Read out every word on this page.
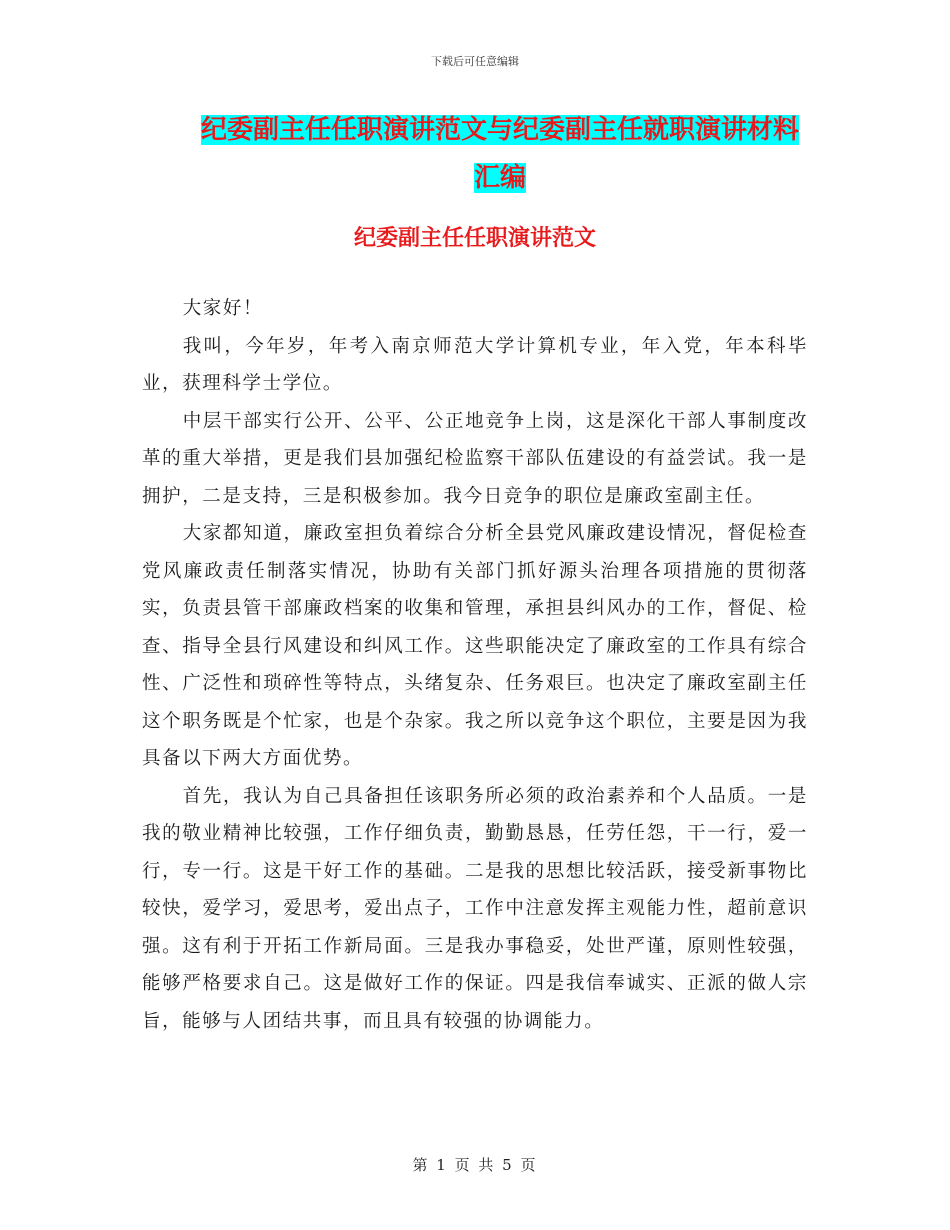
下载后可任意编辑
纪委副主任任职演讲范文与纪委副主任就职演讲材料
汇编
纪委副主任任职演讲范文

大家好！

我叫，今年岁，年考入南京师范大学计算机专业，年入党，年本科毕业，获理科学士学位。

中层干部实行公开、公平、公正地竞争上岗，这是深化干部人事制度改革的重大举措，更是我们县加强纪检监察干部队伍建设的有益尝试。我一是拥护，二是支持，三是积极参加。我今日竞争的职位是廉政室副主任。

大家都知道，廉政室担负着综合分析全县党风廉政建设情况，督促检查党风廉政责任制落实情况，协助有关部门抓好源头治理各项措施的贯彻落实，负责县管干部廉政档案的收集和管理，承担县纠风办的工作，督促、检查、指导全县行风建设和纠风工作。这些职能决定了廉政室的工作具有综合性、广泛性和琐碎性等特点，头绪复杂、任务艰巨。也决定了廉政室副主任这个职务既是个忙家，也是个杂家。我之所以竞争这个职位，主要是因为我具备以下两大方面优势。

首先，我认为自己具备担任该职务所必须的政治素养和个人品质。一是我的敬业精神比较强，工作仔细负责，勤勤恳恳，任劳任怨，干一行，爱一行，专一行。这是干好工作的基础。二是我的思想比较活跃，接受新事物比较快，爱学习，爱思考，爱出点子，工作中注意发挥主观能力性，超前意识强。这有利于开拓工作新局面。三是我办事稳妥，处世严谨，原则性较强，能够严格要求自己。这是做好工作的保证。四是我信奉诚实、正派的做人宗旨，能够与人团结共事，而且具有较强的协调能力。

第 1 页 共 5 页
